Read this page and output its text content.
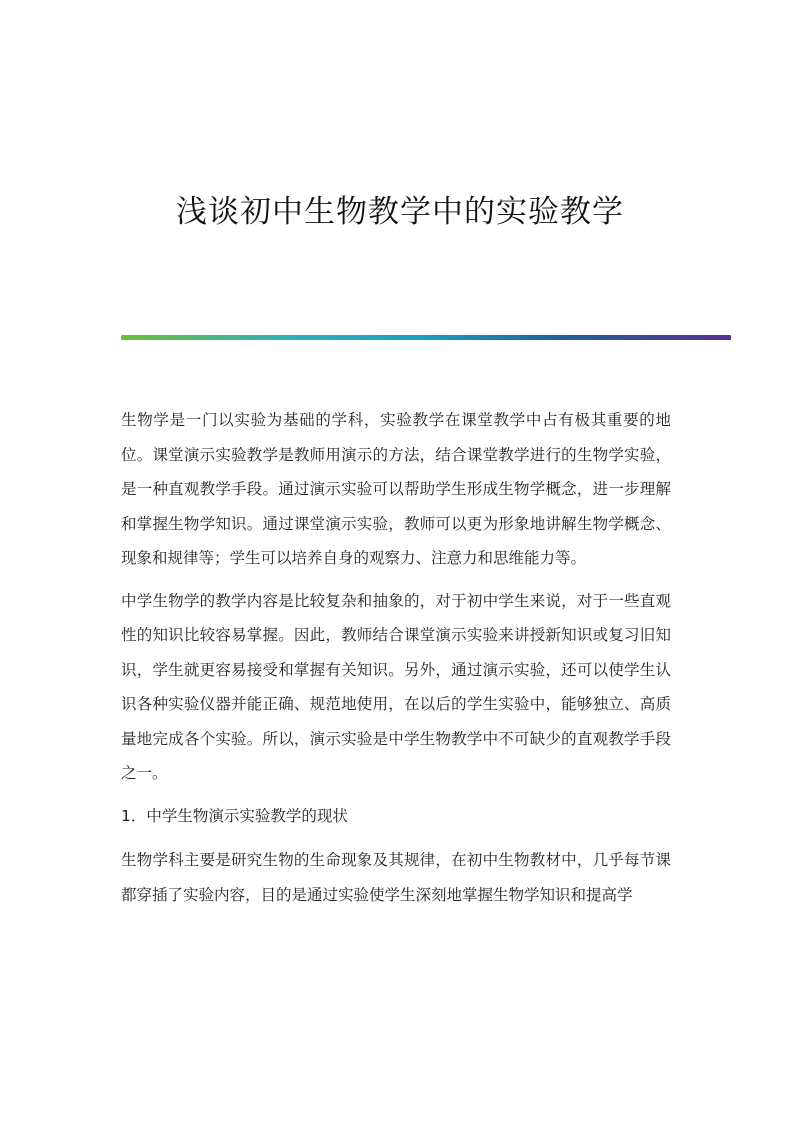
浅谈初中生物教学中的实验教学

生物学是一门以实验为基础的学科，实验教学在课堂教学中占有极其重要的地位。课堂演示实验教学是教师用演示的方法，结合课堂教学进行的生物学实验，是一种直观教学手段。通过演示实验可以帮助学生形成生物学概念，进一步理解和掌握生物学知识。通过课堂演示实验，教师可以更为形象地讲解生物学概念、现象和规律等；学生可以培养自身的观察力、注意力和思维能力等。

中学生物学的教学内容是比较复杂和抽象的，对于初中学生来说，对于一些直观性的知识比较容易掌握。因此，教师结合课堂演示实验来讲授新知识或复习旧知识，学生就更容易接受和掌握有关知识。另外，通过演示实验，还可以使学生认识各种实验仪器并能正确、规范地使用，在以后的学生实验中，能够独立、高质量地完成各个实验。所以，演示实验是中学生物教学中不可缺少的直观教学手段之一。

1．中学生物演示实验教学的现状

生物学科主要是研究生物的生命现象及其规律，在初中生物教材中，几乎每节课都穿插了实验内容，目的是通过实验使学生深刻地掌握生物学知识和提高学
